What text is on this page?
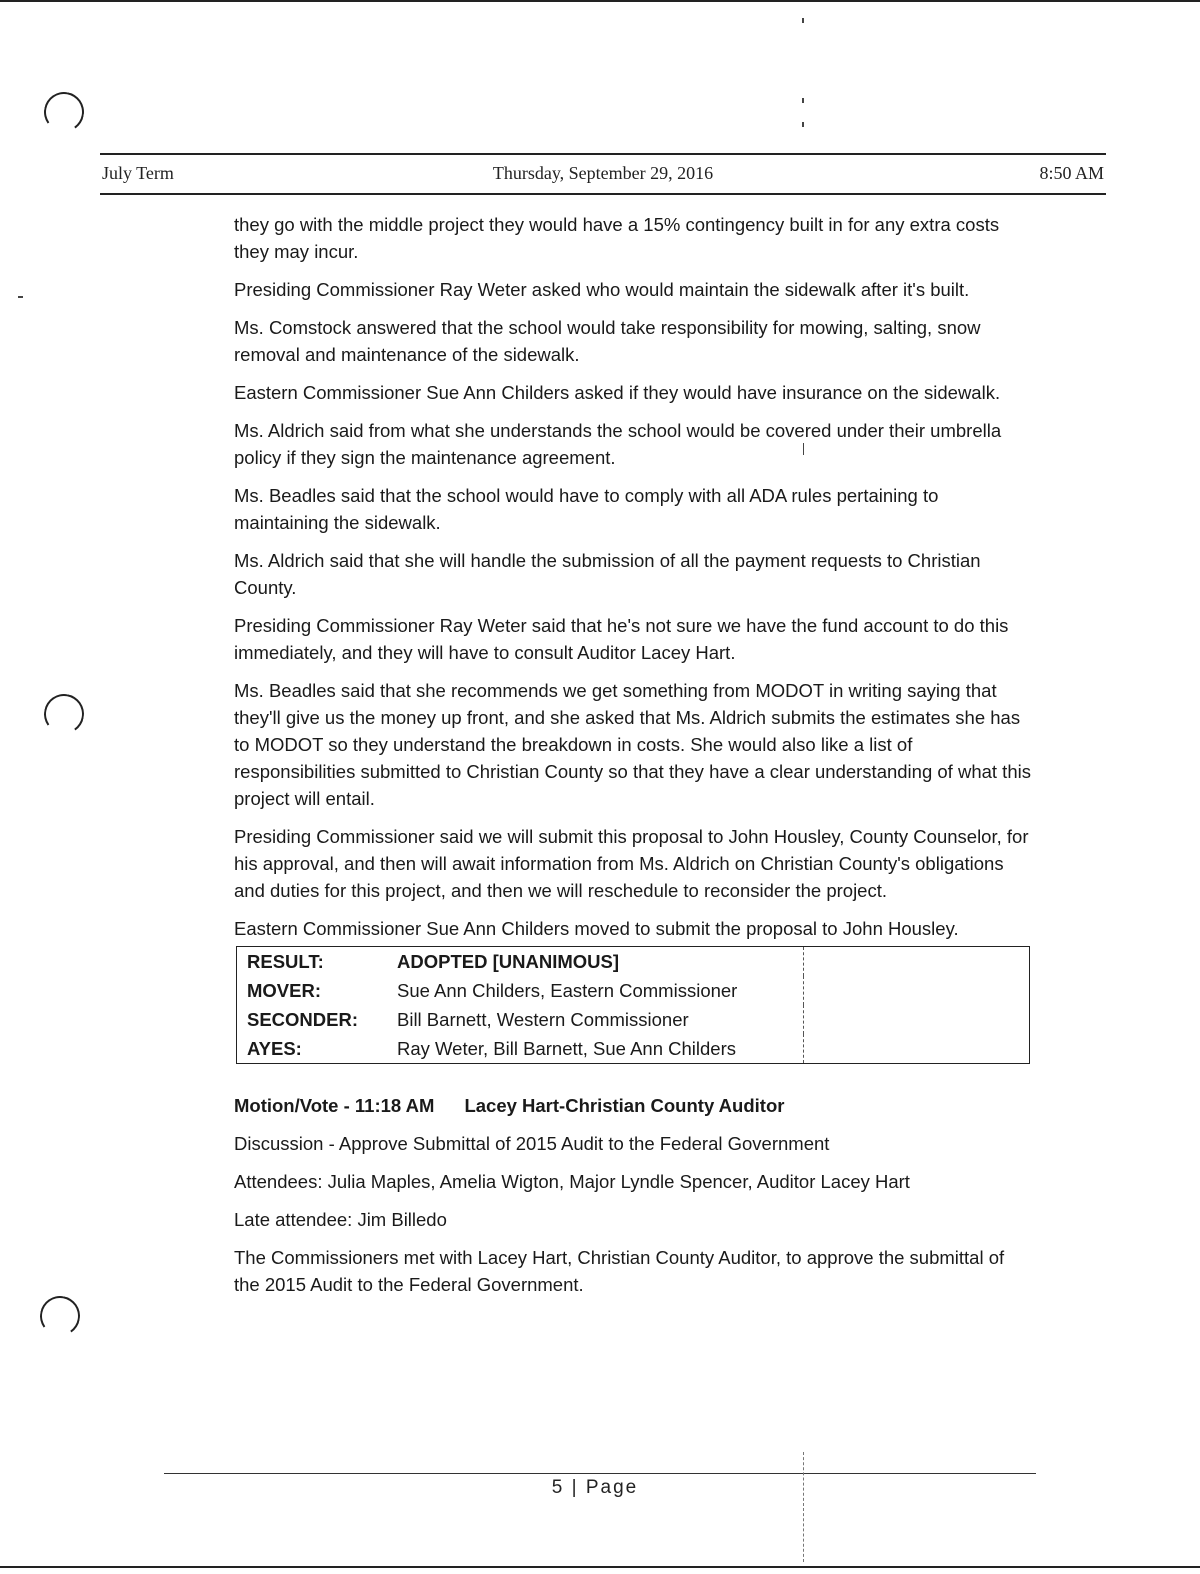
July Term	Thursday, September 29, 2016	8:50 AM

they go with the middle project they would have a 15% contingency built in for any extra costs they may incur.

Presiding Commissioner Ray Weter asked who would maintain the sidewalk after it's built.

Ms. Comstock answered that the school would take responsibility for mowing, salting, snow removal and maintenance of the sidewalk.

Eastern Commissioner Sue Ann Childers asked if they would have insurance on the sidewalk.

Ms. Aldrich said from what she understands the school would be covered under their umbrella policy if they sign the maintenance agreement.

Ms. Beadles said that the school would have to comply with all ADA rules pertaining to maintaining the sidewalk.

Ms. Aldrich said that she will handle the submission of all the payment requests to Christian County.

Presiding Commissioner Ray Weter said that he's not sure we have the fund account to do this immediately, and they will have to consult Auditor Lacey Hart.

Ms. Beadles said that she recommends we get something from MODOT in writing saying that they'll give us the money up front, and she asked that Ms. Aldrich submits the estimates she has to MODOT so they understand the breakdown in costs. She would also like a list of responsibilities submitted to Christian County so that they have a clear understanding of what this project will entail.

Presiding Commissioner said we will submit this proposal to John Housley, County Counselor, for his approval, and then will await information from Ms. Aldrich on Christian County's obligations and duties for this project, and then we will reschedule to reconsider the project.

Eastern Commissioner Sue Ann Childers moved to submit the proposal to John Housley.

RESULT:	ADOPTED [UNANIMOUS]	
MOVER:	Sue Ann Childers, Eastern Commissioner	
SECONDER:	Bill Barnett, Western Commissioner	
AYES:	Ray Weter, Bill Barnett, Sue Ann Childers	

Motion/Vote - 11:18 AM Lacey Hart-Christian County Auditor

Discussion - Approve Submittal of 2015 Audit to the Federal Government

Attendees: Julia Maples, Amelia Wigton, Major Lyndle Spencer, Auditor Lacey Hart

Late attendee: Jim Billedo

The Commissioners met with Lacey Hart, Christian County Auditor, to approve the submittal of the 2015 Audit to the Federal Government.

5 | Page
